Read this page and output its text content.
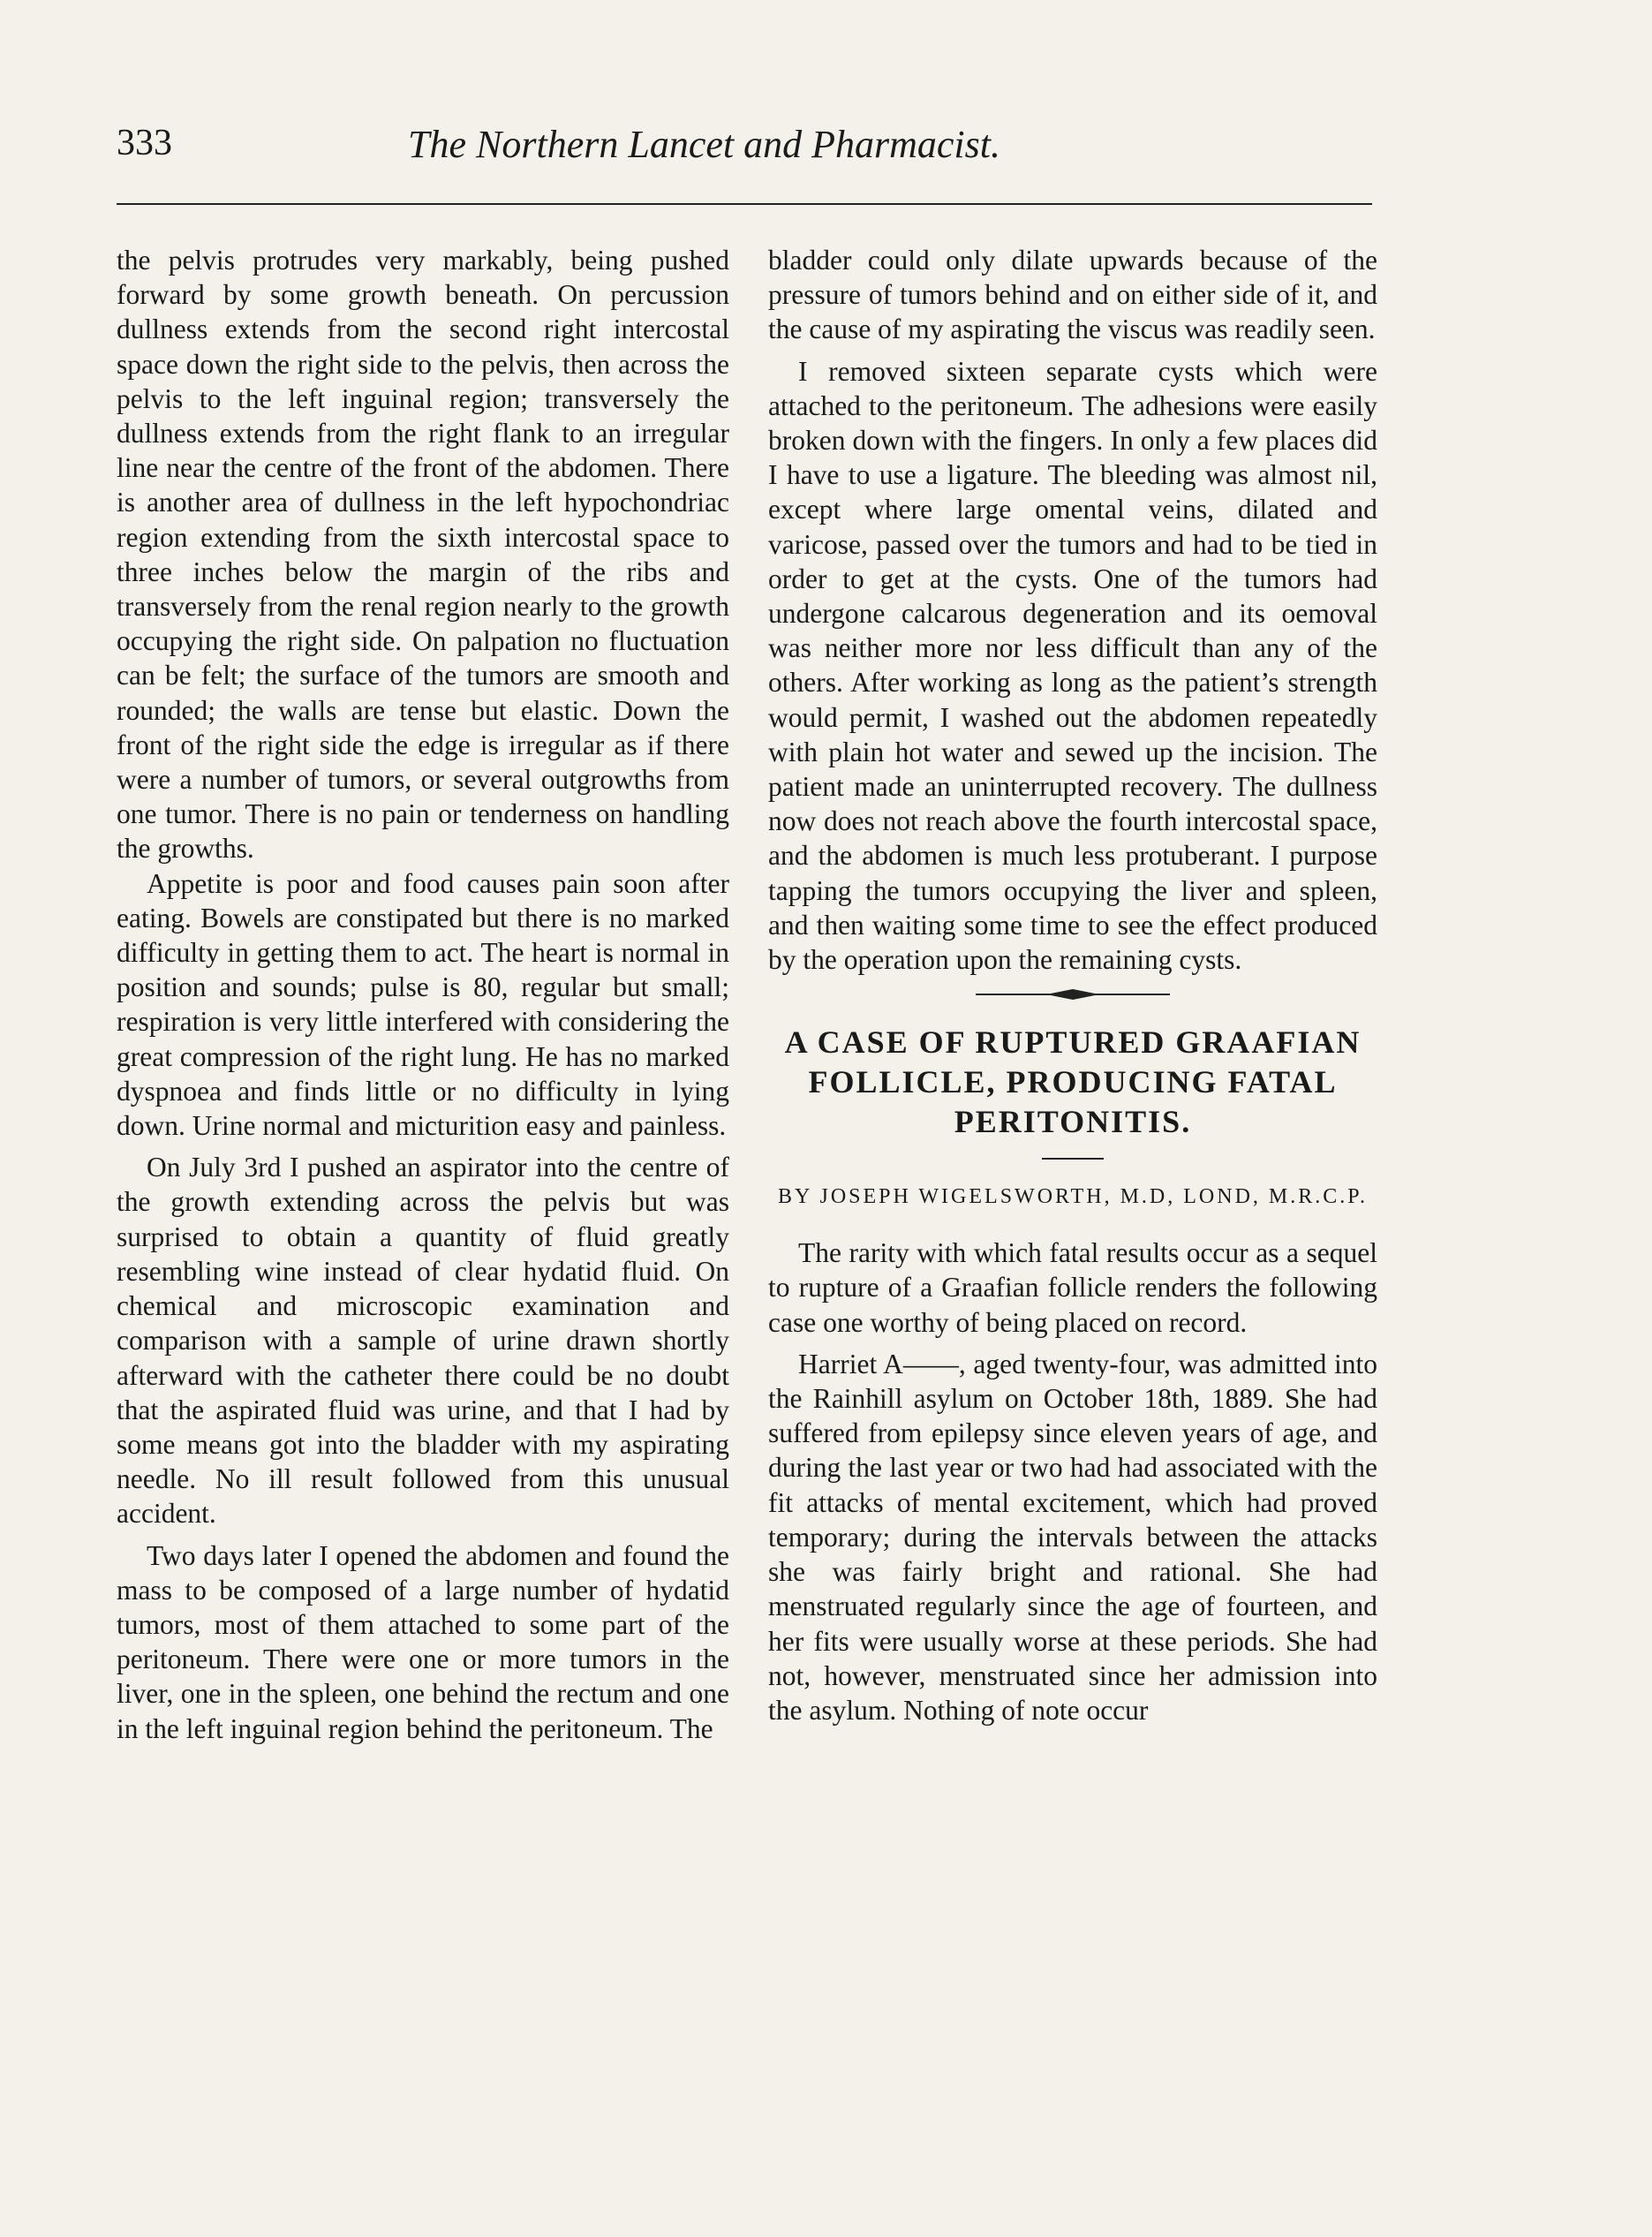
333	The Northern Lancet and Pharmacist.

the pelvis protrudes very markably, being pushed forward by some growth beneath. On percussion dullness extends from the second right intercostal space down the right side to the pelvis, then across the pelvis to the left inguinal region; transversely the dullness extends from the right flank to an irregular line near the centre of the front of the abdomen. There is another area of dullness in the left hypochondriac region extending from the sixth intercostal space to three inches below the margin of the ribs and transversely from the renal region nearly to the growth occupying the right side. On palpation no fluctuation can be felt; the surface of the tumors are smooth and rounded; the walls are tense but elastic. Down the front of the right side the edge is irregular as if there were a number of tumors, or several outgrowths from one tumor. There is no pain or tenderness on handling the growths.

Appetite is poor and food causes pain soon after eating. Bowels are constipated but there is no marked difficulty in getting them to act. The heart is normal in position and sounds; pulse is 80, regular but small; respiration is very little interfered with considering the great compression of the right lung. He has no marked dyspnoea and finds little or no difficulty in lying down. Urine normal and micturition easy and painless.

On July 3rd I pushed an aspirator into the centre of the growth extending across the pelvis but was surprised to obtain a quantity of fluid greatly resembling wine instead of clear hydatid fluid. On chemical and microscopic examination and comparison with a sample of urine drawn shortly afterward with the catheter there could be no doubt that the aspirated fluid was urine, and that I had by some means got into the bladder with my aspirating needle. No ill result followed from this unusual accident.

Two days later I opened the abdomen and found the mass to be composed of a large number of hydatid tumors, most of them attached to some part of the peritoneum. There were one or more tumors in the liver, one in the spleen, one behind the rectum and one in the left inguinal region behind the peritoneum. The

bladder could only dilate upwards because of the pressure of tumors behind and on either side of it, and the cause of my aspirating the viscus was readily seen.

I removed sixteen separate cysts which were attached to the peritoneum. The adhesions were easily broken down with the fingers. In only a few places did I have to use a ligature. The bleeding was almost nil, except where large omental veins, dilated and varicose, passed over the tumors and had to be tied in order to get at the cysts. One of the tumors had undergone calcarous degeneration and its oemoval was neither more nor less difficult than any of the others. After working as long as the patient’s strength would permit, I washed out the abdomen repeatedly with plain hot water and sewed up the incision. The patient made an uninterrupted recovery. The dullness now does not reach above the fourth intercostal space, and the abdomen is much less protuberant. I purpose tapping the tumors occupying the liver and spleen, and then waiting some time to see the effect produced by the operation upon the remaining cysts.

A CASE OF RUPTURED GRAAFIAN FOLLICLE, PRODUCING FATAL PERITONITIS.

BY JOSEPH WIGELSWORTH, M.D, LOND, M.R.C.P.

The rarity with which fatal results occur as a sequel to rupture of a Graafian follicle renders the following case one worthy of being placed on record.

Harriet A——, aged twenty-four, was admitted into the Rainhill asylum on October 18th, 1889. She had suffered from epilepsy since eleven years of age, and during the last year or two had had associated with the fit attacks of mental excitement, which had proved temporary; during the intervals between the attacks she was fairly bright and rational. She had menstruated regularly since the age of fourteen, and her fits were usually worse at these periods. She had not, however, menstruated since her admission into the asylum. Nothing of note occur
